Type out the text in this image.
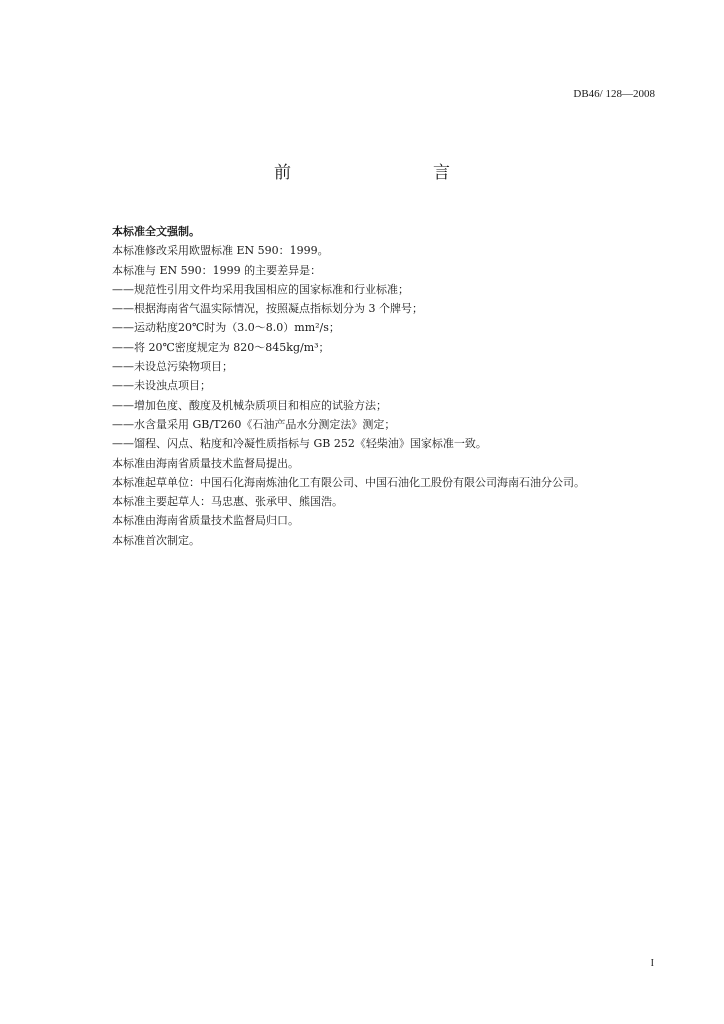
DB46/ 128—2008
前　　言
本标准全文强制。
本标准修改采用欧盟标准 EN 590：1999。
本标准与 EN 590：1999 的主要差异是：
——规范性引用文件均采用我国相应的国家标准和行业标准；
——根据海南省气温实际情况，按照凝点指标划分为 3 个牌号；
——运动粘度20℃时为（3.0～8.0）mm²/s；
——将 20℃密度规定为 820～845kg/m³；
——未设总污染物项目；
——未设浊点项目；
——增加色度、酸度及机械杂质项目和相应的试验方法；
——水含量采用 GB/T260《石油产品水分测定法》测定；
——馏程、闪点、粘度和冷凝性质指标与 GB 252《轻柴油》国家标准一致。
本标准由海南省质量技术监督局提出。
本标准起草单位：中国石化海南炼油化工有限公司、中国石油化工股份有限公司海南石油分公司。
本标准主要起草人：马忠惠、张承甲、熊国浩。
本标准由海南省质量技术监督局归口。
本标准首次制定。
I
